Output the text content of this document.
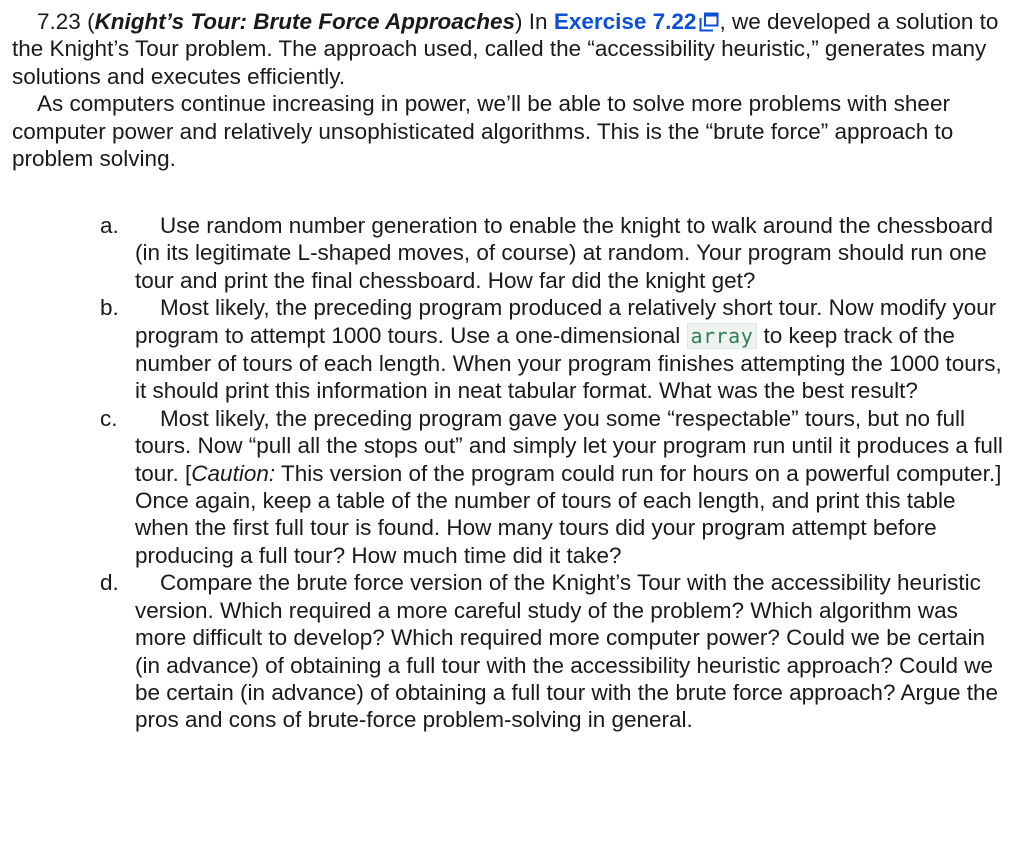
7.23 (Knight’s Tour: Brute Force Approaches) In Exercise 7.22 , we developed a solution to the Knight’s Tour problem. The approach used, called the “accessibility heuristic,” generates many solutions and executes efficiently.

As computers continue increasing in power, we’ll be able to solve more problems with sheer computer power and relatively unsophisticated algorithms. This is the “brute force” approach to problem solving.

a. Use random number generation to enable the knight to walk around the chessboard (in its legitimate L-shaped moves, of course) at random. Your program should run one tour and print the final chessboard. How far did the knight get?
b. Most likely, the preceding program produced a relatively short tour. Now modify your program to attempt 1000 tours. Use a one-dimensional array to keep track of the number of tours of each length. When your program finishes attempting the 1000 tours, it should print this information in neat tabular format. What was the best result?
c. Most likely, the preceding program gave you some “respectable” tours, but no full tours. Now “pull all the stops out” and simply let your program run until it produces a full tour. [Caution: This version of the program could run for hours on a powerful computer.] Once again, keep a table of the number of tours of each length, and print this table when the first full tour is found. How many tours did your program attempt before producing a full tour? How much time did it take?
d. Compare the brute force version of the Knight’s Tour with the accessibility heuristic version. Which required a more careful study of the problem? Which algorithm was more difficult to develop? Which required more computer power? Could we be certain (in advance) of obtaining a full tour with the accessibility heuristic approach? Could we be certain (in advance) of obtaining a full tour with the brute force approach? Argue the pros and cons of brute-force problem-solving in general.
